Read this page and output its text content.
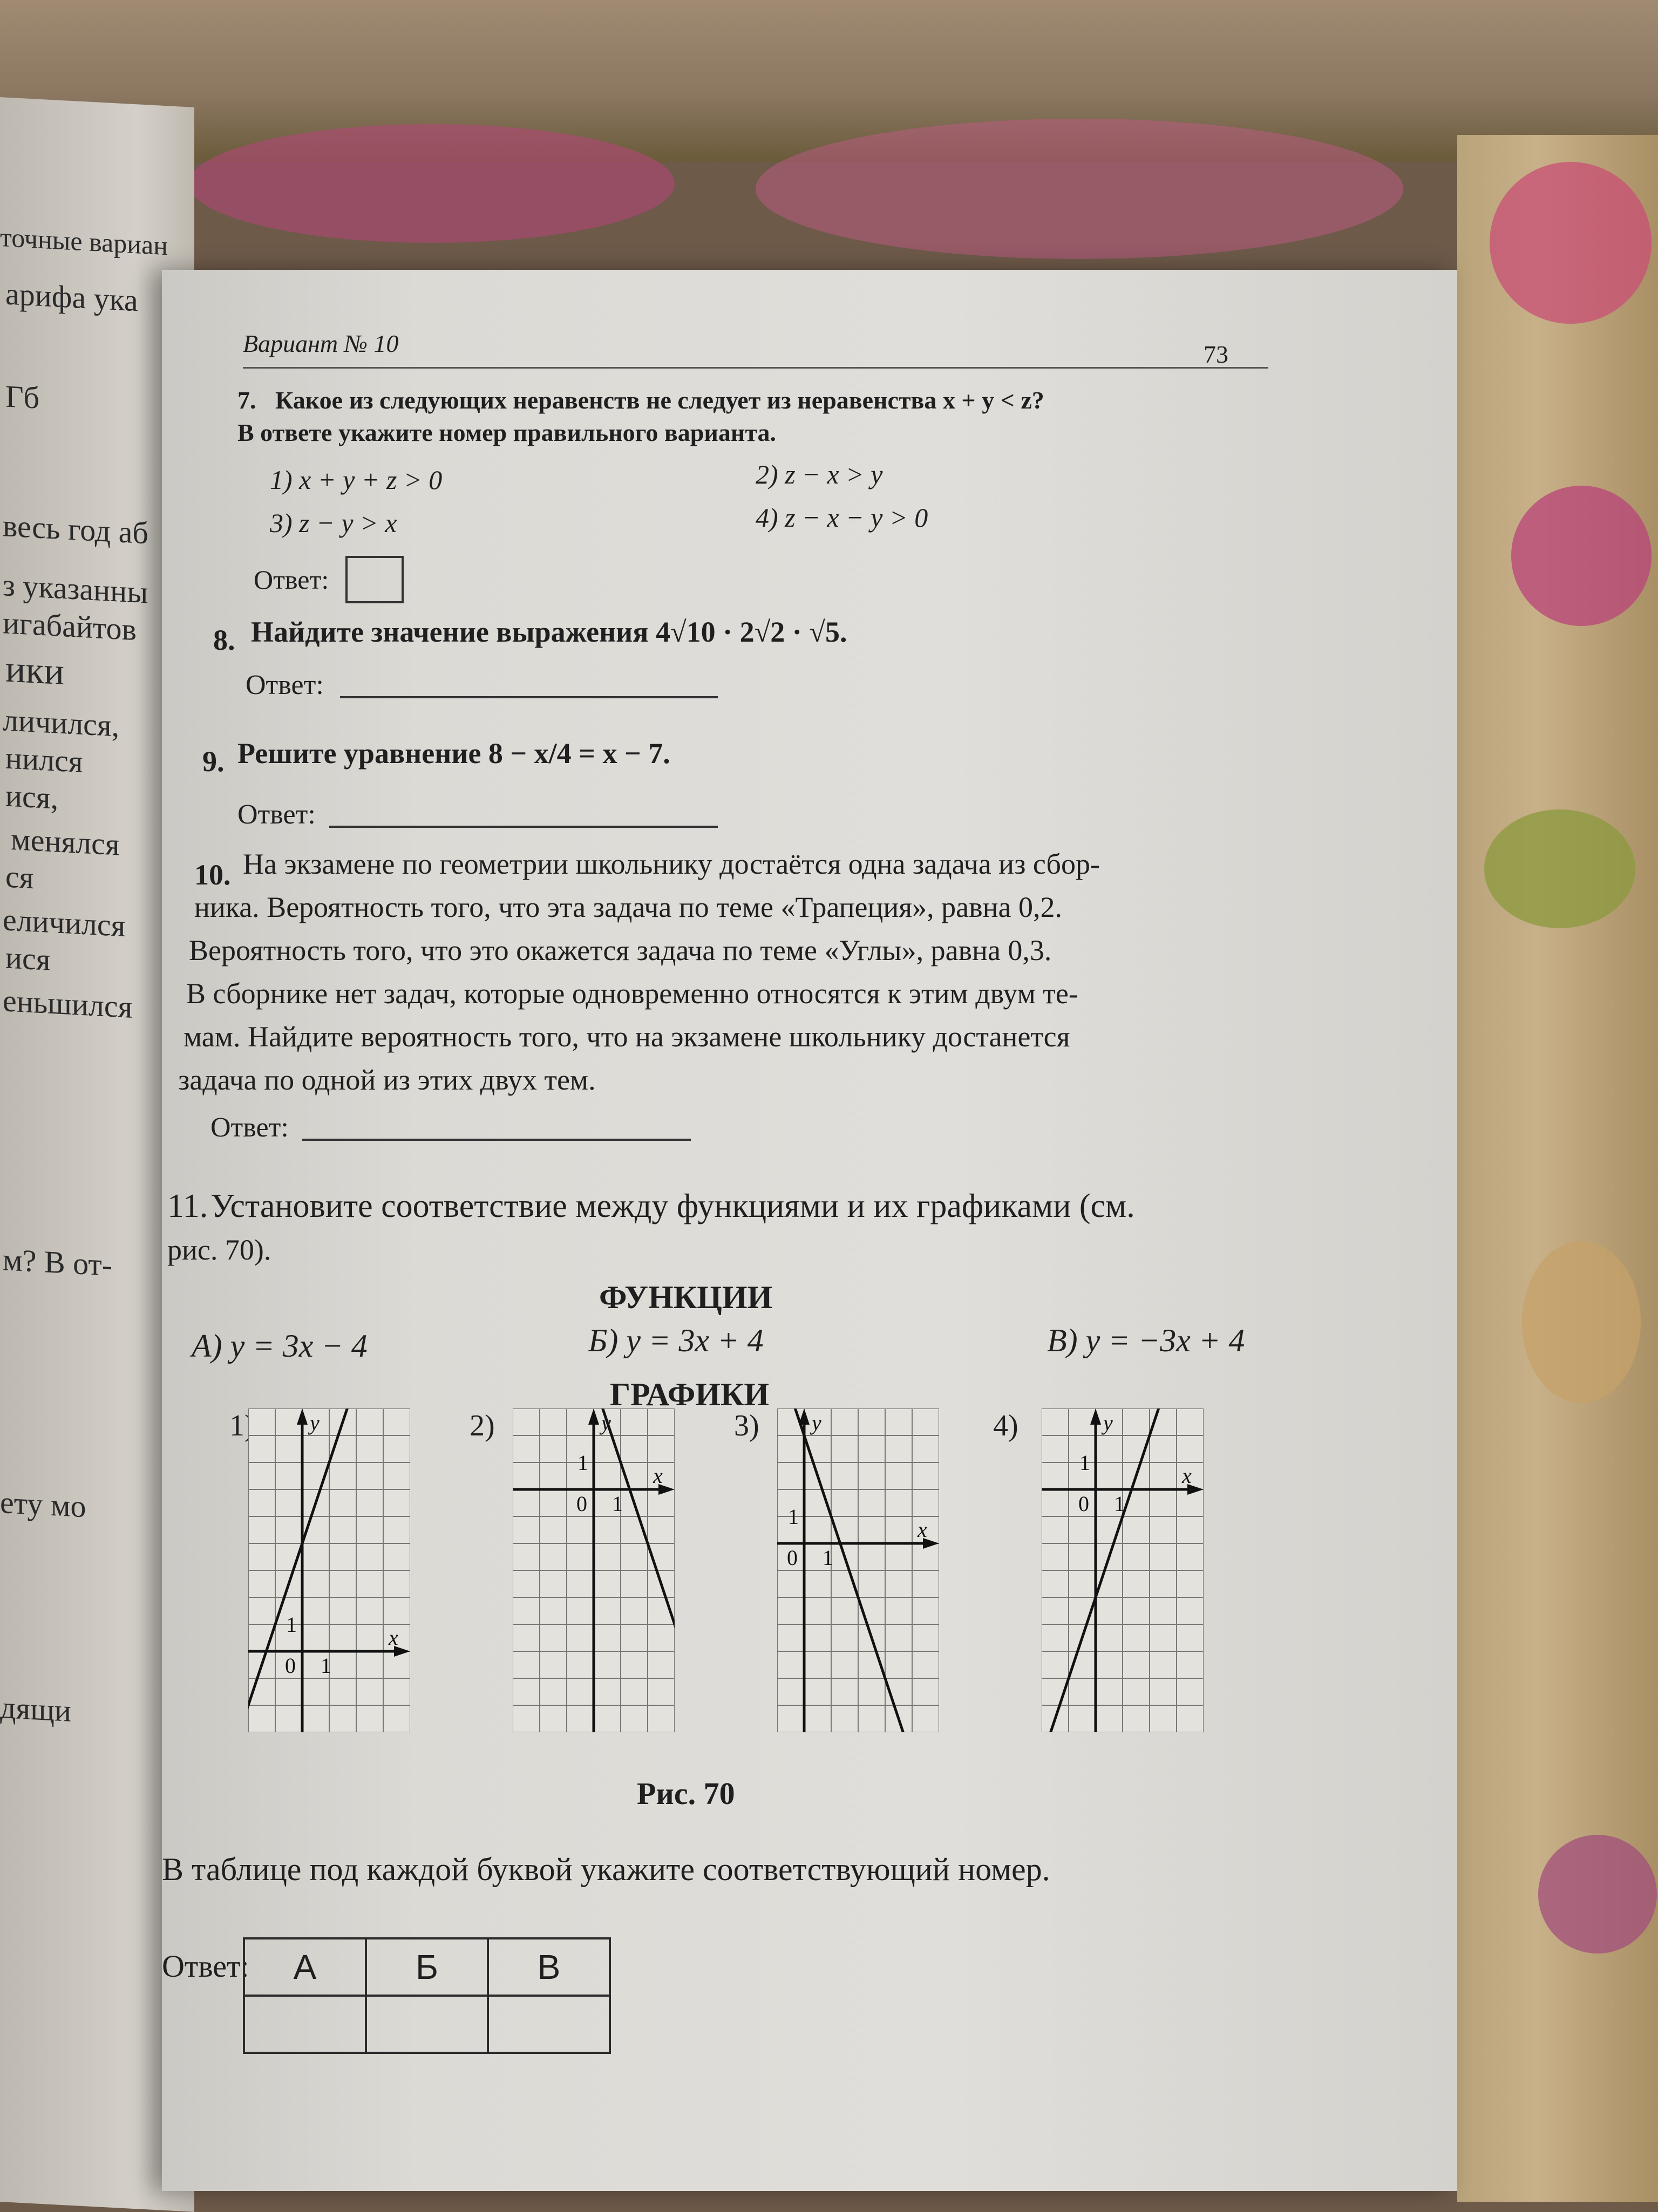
точные вариан
арифа ука
Гб
весь год аб
з указанны
игабайтов
ики
личился,
нился
ися,
менялся
ся
еличился
ися
еньшился
м? В от-
ету мо
дящи
Вариант № 10	73
7. Какое из следующих неравенств не следует из неравенства x + y < z?
В ответе укажите номер правильного варианта.
1) x + y + z > 0	2) z − x > y
3) z − y > x	4) z − x − y > 0
Ответ:
8. Найдите значение выражения 4√10 · 2√2 · √5.
Ответ:
9. Решите уравнение 8 − x/4 = x − 7.
Ответ:
10. На экзамене по геометрии школьнику достаётся одна задача из сбор-
ника. Вероятность того, что эта задача по теме «Трапеция», равна 0,2.
Вероятность того, что это окажется задача по теме «Углы», равна 0,3.
В сборнике нет задач, которые одновременно относятся к этим двум те-
мам. Найдите вероятность того, что на экзамене школьнику достанется
задача по одной из этих двух тем.
Ответ:
11. Установите соответствие между функциями и их графиками (см.
рис. 70).
ФУНКЦИИ
А) y = 3x − 4	Б) y = 3x + 4	В) y = −3x + 4
ГРАФИКИ
1)	2)	3)	4)
x
y
0 1
1
x
y
0 1
1
x
y
0 1
1
x
y
0 1
1
Рис. 70
В таблице под каждой буквой укажите соответствующий номер.
Ответ: А	Б	В
